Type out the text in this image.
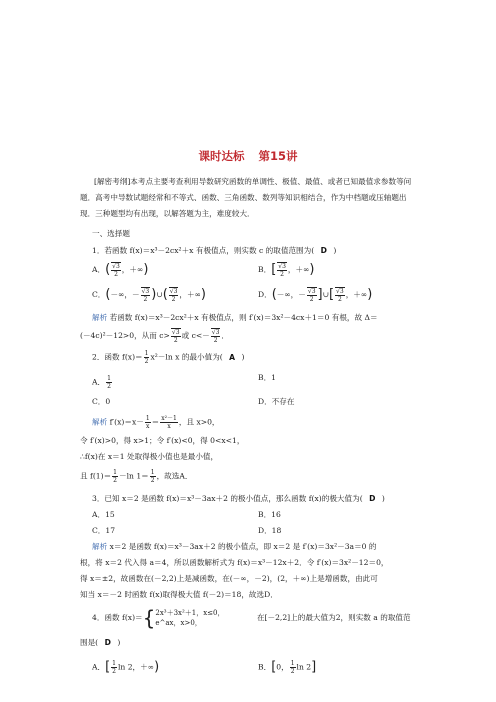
课时达标 第15讲
[解密考纲]本考点主要考查利用导数研究函数的单调性、极值、最值、或者已知最值求参数等问题．高考中导数试题经常和不等式、函数、三角函数、数列等知识相结合，作为中档题或压轴题出现．三种题型均有出现，以解答题为主，难度较大．
一、选择题
1．若函数 f(x)＝x³－2cx²＋x 有极值点，则实数 c 的取值范围为( D )
A．( $\frac{√3}{2}$ ，＋∞)	B．[ $\frac{√3}{2}$ ，＋∞)
C．(－∞，－ $\frac{√3}{2}$ )∪( $\frac{√3}{2}$ ，＋∞)	D．(－∞，－ $\frac{√3}{2}$ ]∪[ $\frac{√3}{2}$ ，＋∞)
解析 若函数 f(x)＝x³－2cx²＋x 有极值点，则 f′(x)＝3x²－4cx＋1＝0 有根，故 Δ＝
(－4c)²－12>0，从而 $c> \frac{√3}{2}$ 或 $c<- \frac{√3}{2}$ ．
2．函数 $f(x)= \frac{1}{2} x^2-\ln$ x 的最小值为( A )
A． $\frac{1}{2}$	B．1
C．0	D．不存在
解析 $f'(x)=x- \frac{1}{x} = \frac{\text{x²－1}}{x}$ ，且 x>0，
令 f′(x)>0，得 x>1；令 f′(x)<0，得 0<x<1，
∴f(x)在 x＝1 处取得极小值也是最小值，
且 $f(1)= \frac{1}{2} -\ln$ $1= \frac{1}{2}$ ，故选A．
3．已知 x＝2 是函数 f(x)＝x³－3ax＋2 的极小值点，那么函数 f(x)的极大值为( D )
A．15	B．16
C．17	D．18
解析 x＝2 是函数 f(x)＝x³－3ax＋2 的极小值点，即 x＝2 是 f′(x)＝3x²－3a＝0 的
根，将 x＝2 代入得 a＝4，所以函数解析式为 f(x)＝x³－12x＋2．令 f′(x)＝3x²－12＝0，
得 x＝±2，故函数在(－2,2)上是减函数，在(－∞，－2)，(2，＋∞)上是增函数，由此可
知当 x＝－2 时函数 f(x)取得极大值 f(－2)＝18，故选D．
4．函数 f(x)＝{ 2x³＋3x²＋1，x≤0，
e^ax，x>0，
在[－2,2]上的最大值为2，则实数 a 的取值范
围是( D )
A．[ $\frac{1}{2}$ ln 2，＋∞)	B．[0， $\frac{1}{2}$ ln 2]
